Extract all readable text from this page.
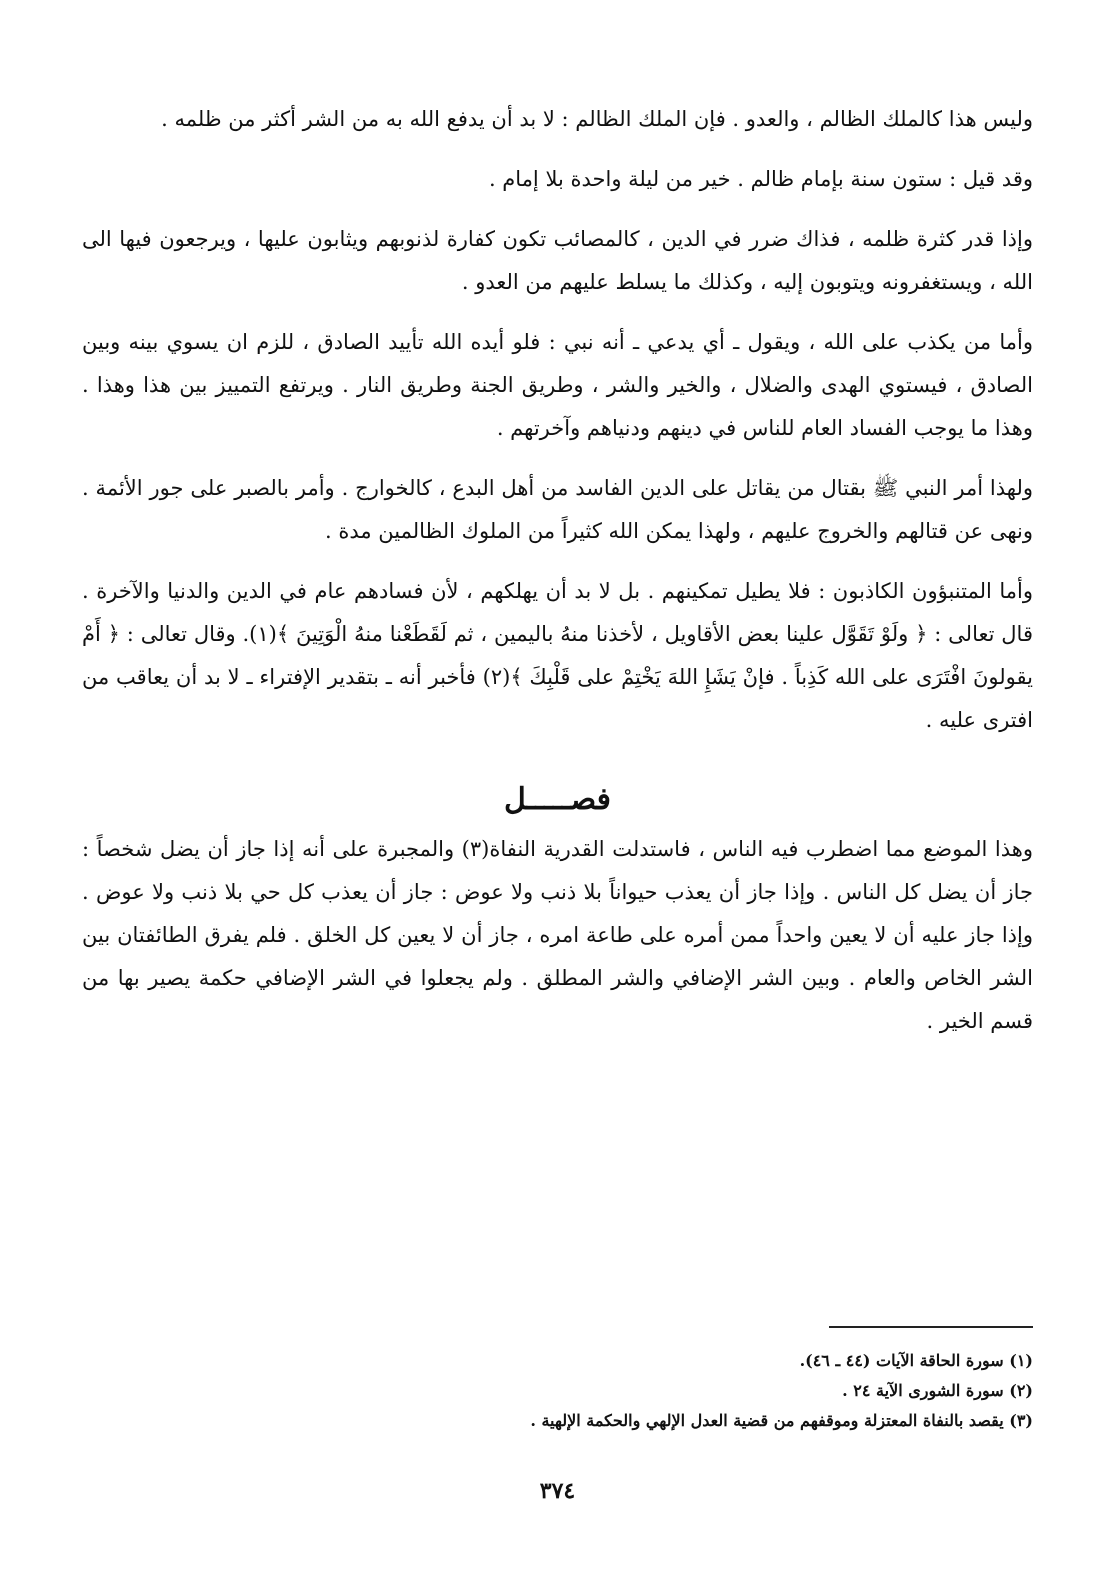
وليس هذا كالملك الظالم ، والعدو . فإن الملك الظالم : لا بد أن يدفع الله به من الشر أكثر من ظلمه .

وقد قيل : ستون سنة بإمام ظالم . خير من ليلة واحدة بلا إمام .

وإذا قدر كثرة ظلمه ، فذاك ضرر في الدين ، كالمصائب تكون كفارة لذنوبهم ويثابون عليها ، ويرجعون فيها الى الله ، ويستغفرونه ويتوبون إليه ، وكذلك ما يسلط عليهم من العدو .

وأما من يكذب على الله ، ويقول ـ أي يدعي ـ أنه نبي : فلو أيده الله تأييد الصادق ، للزم ان يسوي بينه وبين الصادق ، فيستوي الهدى والضلال ، والخير والشر ، وطريق الجنة وطريق النار . ويرتفع التمييز بين هذا وهذا . وهذا ما يوجب الفساد العام للناس في دينهم ودنياهم وآخرتهم .

ولهذا أمر النبي ﷺ بقتال من يقاتل على الدين الفاسد من أهل البدع ، كالخوارج . وأمر بالصبر على جور الأئمة . ونهى عن قتالهم والخروج عليهم ، ولهذا يمكن الله كثيراً من الملوك الظالمين مدة .

وأما المتنبؤون الكاذبون : فلا يطيل تمكينهم . بل لا بد أن يهلكهم ، لأن فسادهم عام في الدين والدنيا والآخرة . قال تعالى : ﴿ ولَوْ تَقَوَّل علينا بعض الأقاويل ، لأخذنا منهُ باليمين ، ثم لَقَطَعْنا منهُ الْوَتِينَ ﴾(١). وقال تعالى : ﴿ أَمْ يقولونَ افْتَرَى على الله كَذِباً . فإنْ يَشَإِ اللهَ يَخْتِمْ على قَلْبِكَ ﴾(٢) فأخبر أنه ـ بتقدير الإفتراء ـ لا بد أن يعاقب من افترى عليه .

فصـــــل

وهذا الموضع مما اضطرب فيه الناس ، فاستدلت القدرية النفاة(٣) والمجبرة على أنه إذا جاز أن يضل شخصاً : جاز أن يضل كل الناس . وإذا جاز أن يعذب حيواناً بلا ذنب ولا عوض : جاز أن يعذب كل حي بلا ذنب ولا عوض . وإذا جاز عليه أن لا يعين واحداً ممن أمره على طاعة امره ، جاز أن لا يعين كل الخلق . فلم يفرق الطائفتان بين الشر الخاص والعام . وبين الشر الإضافي والشر المطلق . ولم يجعلوا في الشر الإضافي حكمة يصير بها من قسم الخير .

(١) سورة الحاقة الآيات (٤٤ ـ ٤٦).
(٢) سورة الشورى الآية ٢٤ .
(٣) يقصد بالنفاة المعتزلة وموقفهم من قضية العدل الإلهي والحكمة الإلهية .
٣٧٤
